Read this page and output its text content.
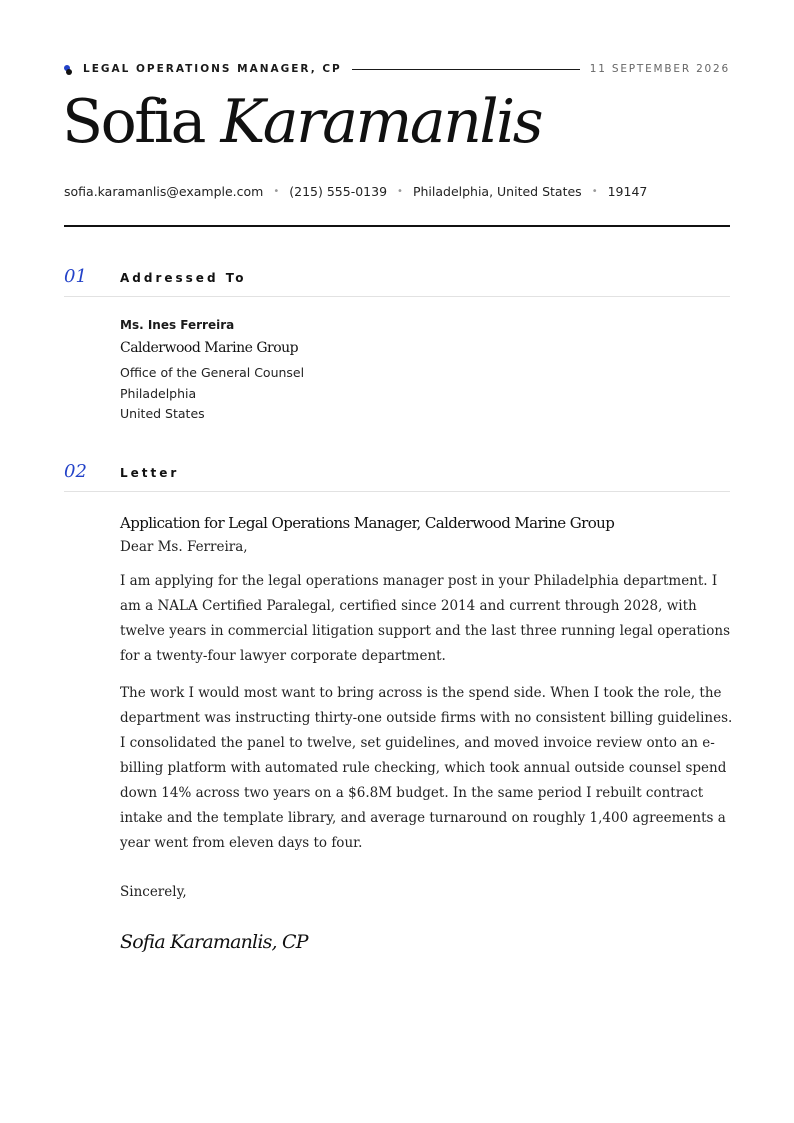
LEGAL OPERATIONS MANAGER, CP	11 SEPTEMBER 2026
Sofia Karamanlis
sofia.karamanlis@example.com • (215) 555-0139 • Philadelphia, United States • 19147
01	Addressed To
Ms. Ines Ferreira
Calderwood Marine Group
Office of the General Counsel
Philadelphia
United States
02	Letter
Application for Legal Operations Manager, Calderwood Marine Group
Dear Ms. Ferreira,

I am applying for the legal operations manager post in your Philadelphia department. I am a NALA Certified Paralegal, certified since 2014 and current through 2028, with twelve years in commercial litigation support and the last three running legal operations for a twenty-four lawyer corporate department.

The work I would most want to bring across is the spend side. When I took the role, the department was instructing thirty-one outside firms with no consistent billing guidelines. I consolidated the panel to twelve, set guidelines, and moved invoice review onto an e-billing platform with automated rule checking, which took annual outside counsel spend down 14% across two years on a $6.8M budget. In the same period I rebuilt contract intake and the template library, and average turnaround on roughly 1,400 agreements a year went from eleven days to four.

Sincerely,
Sofia Karamanlis, CP
